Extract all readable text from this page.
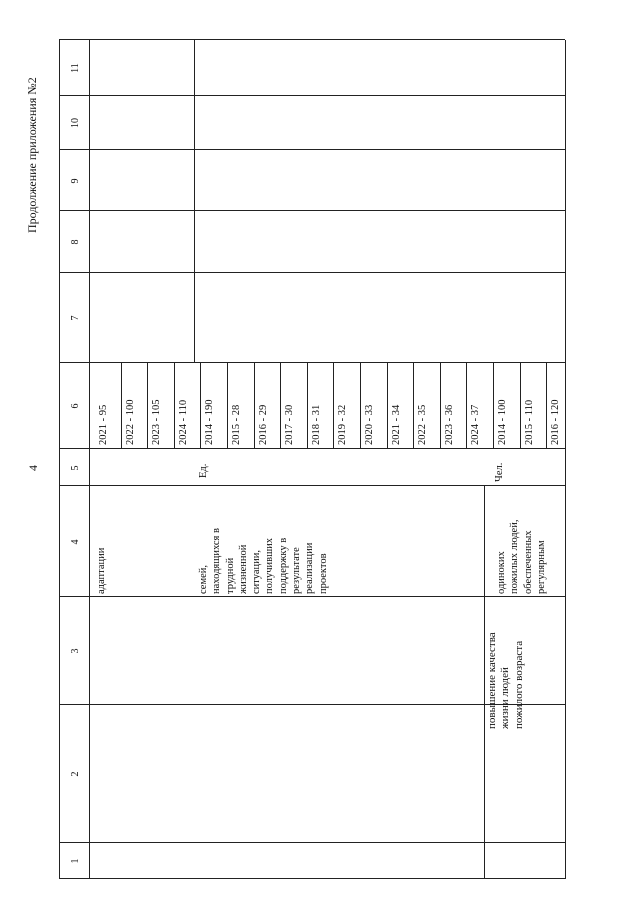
4
Продолжение приложения №2
1
2
3
4
5
6
7
8
9
10
11
адаптации	семей, находящихся в трудной жизненной ситуации, получивших поддержку в результате реализации проектов
Ед.
повышение качества жизни людей пожилого возраста
одиноких пожилых людей, обеспеченных регулярным
Чел.
2021 - 95 2022 - 100 2023 - 105 2024 - 110 2014 - 190 2015 - 28 2016 - 29 2017 - 30 2018 - 31 2019 - 32 2020 - 33 2021 - 34 2022 - 35 2023 - 36 2024 - 37 2014 - 100 2015 - 110 2016 - 120
